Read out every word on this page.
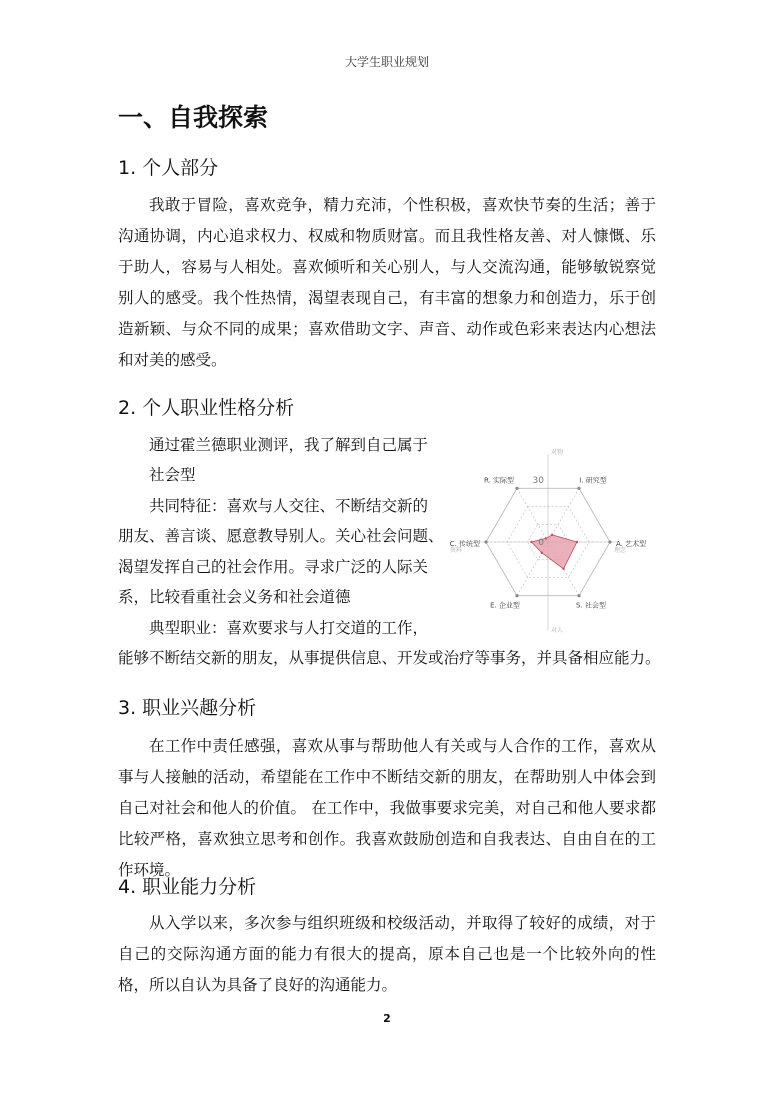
大学生职业规划
一、自我探索
1. 个人部分

我敢于冒险，喜欢竞争，精力充沛，个性积极，喜欢快节奏的生活；善于沟通协调，内心追求权力、权威和物质财富。而且我性格友善、对人慷慨、乐于助人，容易与人相处。喜欢倾听和关心别人，与人交流沟通，能够敏锐察觉别人的感受。我个性热情，渴望表现自己，有丰富的想象力和创造力，乐于创造新颖、与众不同的成果；喜欢借助文字、声音、动作或色彩来表达内心想法和对美的感受。

2. 个人职业性格分析

通过霍兰德职业测评，我了解到自己属于

社会型

共同特征：喜欢与人交往、不断结交新的

朋友、善言谈、愿意教导别人。关心社会问题、

渴望发挥自己的社会作用。寻求广泛的人际关

系，比较看重社会义务和社会道德

典型职业：喜欢要求与人打交道的工作，

能够不断结交新的朋友，从事提供信息、开发或治疗等事务，并具备相应能力。

R. 实际型	I. 研究型
A. 艺术型
S. 社会型
E. 企业型
C. 传统型
30
0
对物
理念
对人
资料
3. 职业兴趣分析

在工作中责任感强，喜欢从事与帮助他人有关或与人合作的工作，喜欢从事与人接触的活动，希望能在工作中不断结交新的朋友，在帮助别人中体会到自己对社会和他人的价值。 在工作中，我做事要求完美，对自己和他人要求都比较严格，喜欢独立思考和创作。我喜欢鼓励创造和自我表达、自由自在的工作环境。

4. 职业能力分析

从入学以来，多次参与组织班级和校级活动，并取得了较好的成绩，对于自己的交际沟通方面的能力有很大的提高，原本自己也是一个比较外向的性格，所以自认为具备了良好的沟通能力。

2
